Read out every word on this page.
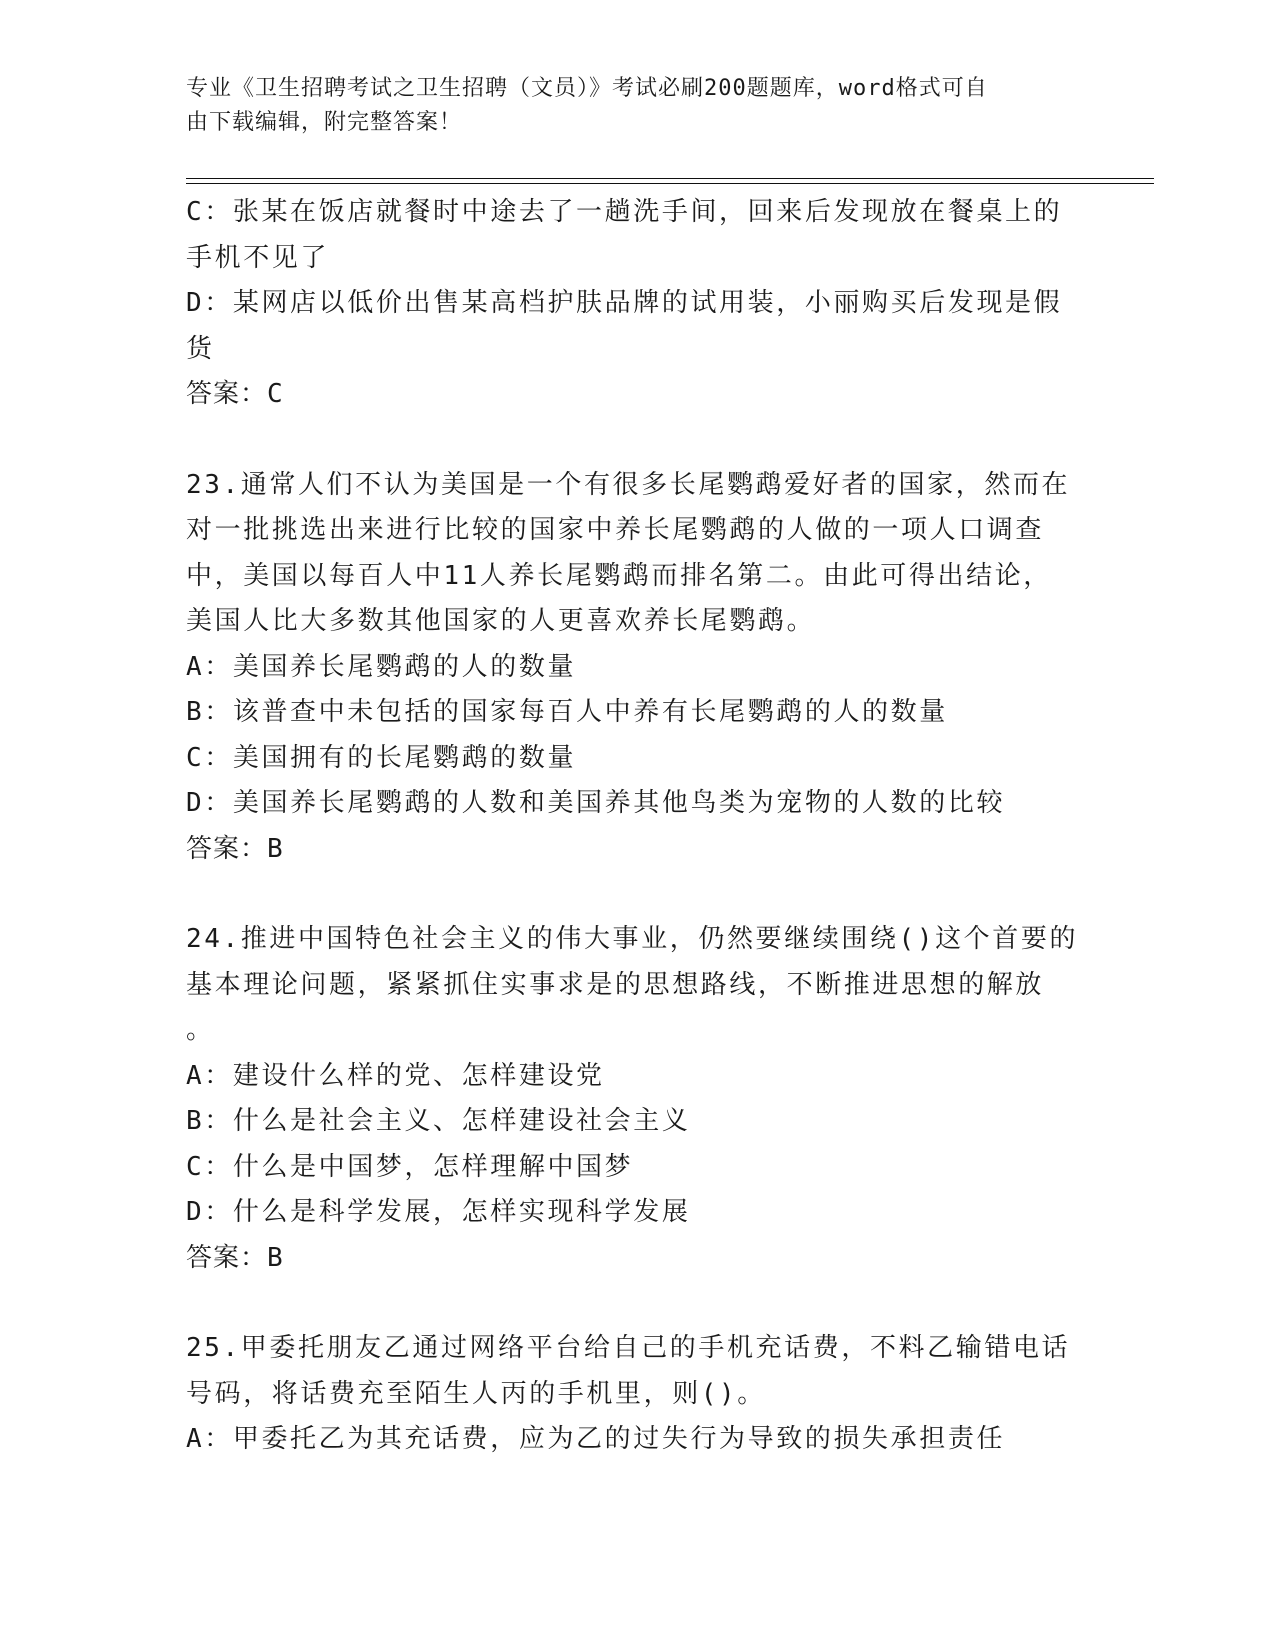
专业《卫生招聘考试之卫生招聘（文员）》考试必刷200题题库，word格式可自
由下载编辑，附完整答案！
C：张某在饭店就餐时中途去了一趟洗手间，回来后发现放在餐桌上的
手机不见了
D：某网店以低价出售某高档护肤品牌的试用装，小丽购买后发现是假
货
答案：C
23.通常人们不认为美国是一个有很多长尾鹦鹉爱好者的国家，然而在
对一批挑选出来进行比较的国家中养长尾鹦鹉的人做的一项人口调查
中，美国以每百人中11人养长尾鹦鹉而排名第二。由此可得出结论，
美国人比大多数其他国家的人更喜欢养长尾鹦鹉。
A：美国养长尾鹦鹉的人的数量
B：该普查中未包括的国家每百人中养有长尾鹦鹉的人的数量
C：美国拥有的长尾鹦鹉的数量
D：美国养长尾鹦鹉的人数和美国养其他鸟类为宠物的人数的比较
答案：B
24.推进中国特色社会主义的伟大事业，仍然要继续围绕()这个首要的
基本理论问题，紧紧抓住实事求是的思想路线，不断推进思想的解放
。
A：建设什么样的党、怎样建设党
B：什么是社会主义、怎样建设社会主义
C：什么是中国梦，怎样理解中国梦
D：什么是科学发展，怎样实现科学发展
答案：B
25.甲委托朋友乙通过网络平台给自己的手机充话费，不料乙输错电话
号码，将话费充至陌生人丙的手机里，则()。
A：甲委托乙为其充话费，应为乙的过失行为导致的损失承担责任
